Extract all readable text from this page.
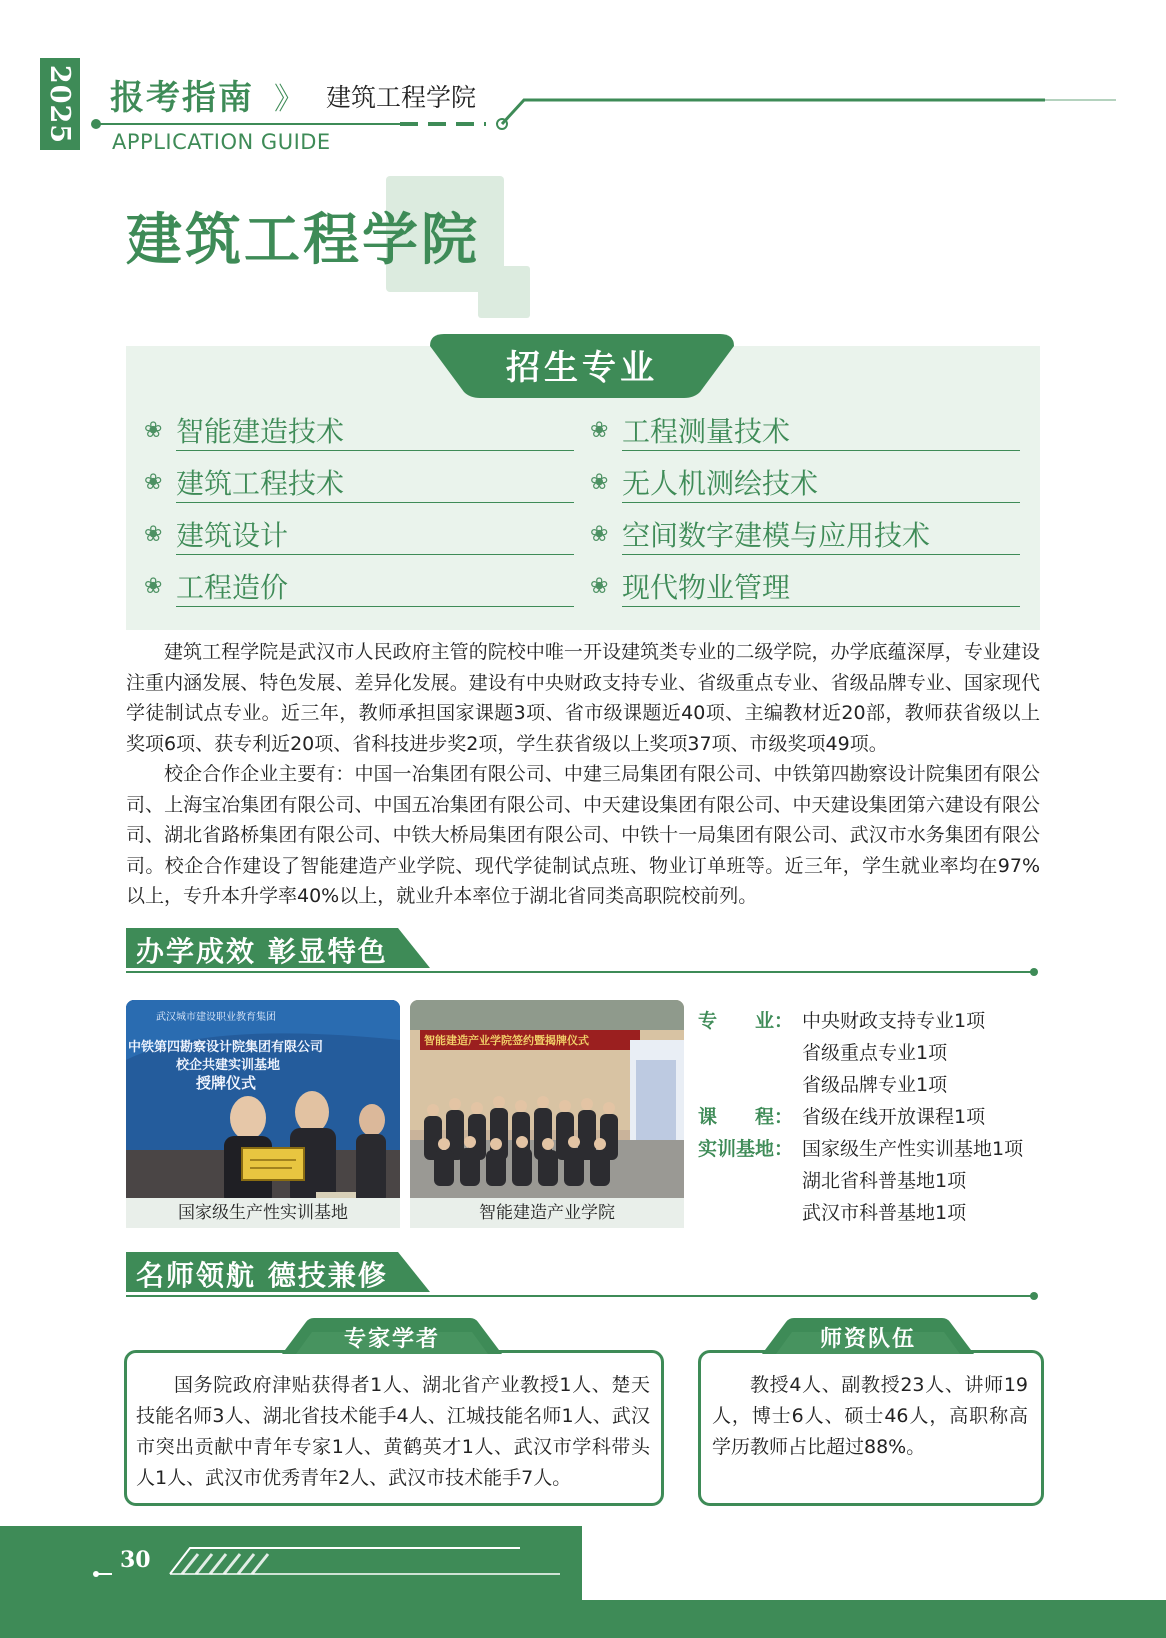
2025 报考指南 》 建筑工程学院
APPLICATION GUIDE
建筑工程学院
招生专业
❀ 智能建造技术	❀ 工程测量技术
❀ 建筑工程技术	❀ 无人机测绘技术
❀ 建筑设计	❀ 空间数字建模与应用技术
❀ 工程造价	❀ 现代物业管理

建筑工程学院是武汉市人民政府主管的院校中唯一开设建筑类专业的二级学院，办学底蕴深厚，专业建设注重内涵发展、特色发展、差异化发展。建设有中央财政支持专业、省级重点专业、省级品牌专业、国家现代学徒制试点专业。近三年，教师承担国家课题3项、省市级课题近40项、主编教材近20部，教师获省级以上奖项6项、获专利近20项、省科技进步奖2项，学生获省级以上奖项37项、市级奖项49项。

校企合作企业主要有：中国一冶集团有限公司、中建三局集团有限公司、中铁第四勘察设计院集团有限公司、上海宝冶集团有限公司、中国五冶集团有限公司、中天建设集团有限公司、中天建设集团第六建设有限公司、湖北省路桥集团有限公司、中铁大桥局集团有限公司、中铁十一局集团有限公司、武汉市水务集团有限公司。校企合作建设了智能建造产业学院、现代学徒制试点班、物业订单班等。近三年，学生就业率均在97%以上，专升本升学率40%以上，就业升本率位于湖北省同类高职院校前列。

办学成效 彰显特色
武汉城市建设职业教育集团
中铁第四勘察设计院集团有限公司
校企共建实训基地
授牌仪式
国家级生产性实训基地
智能建造产业学院签约暨揭牌仪式
智能建造产业学院
专　　业： 中央财政支持专业1项
省级重点专业1项
省级品牌专业1项
课　　程： 省级在线开放课程1项
实训基地： 国家级生产性实训基地1项
湖北省科普基地1项
武汉市科普基地1项
名师领航 德技兼修
专家学者

国务院政府津贴获得者1人、湖北省产业教授1人、楚天技能名师3人、湖北省技术能手4人、江城技能名师1人、武汉市突出贡献中青年专家1人、黄鹤英才1人、武汉市学科带头人1人、武汉市优秀青年2人、武汉市技术能手7人。

师资队伍

教授4人、副教授23人、讲师19人，博士6人、硕士46人，高职称高学历教师占比超过88%。

30
